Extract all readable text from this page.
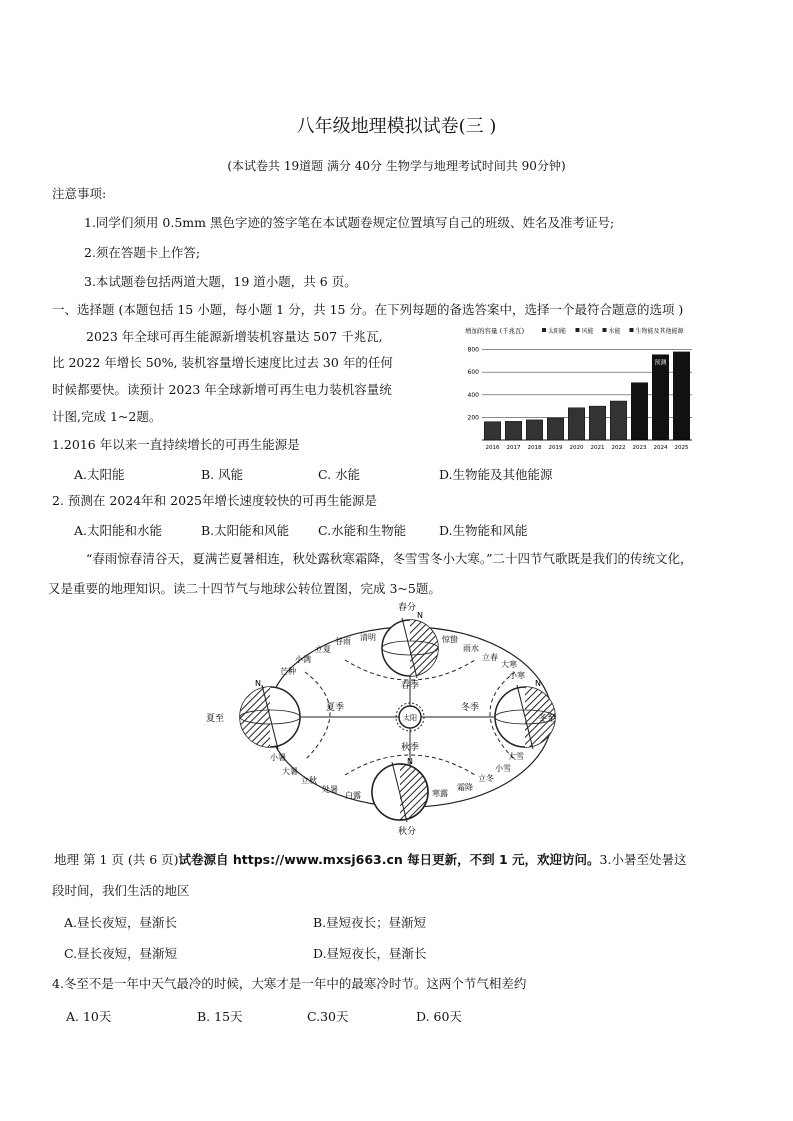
八年级地理模拟试卷(三 )
(本试卷共 19道题 满分 40分 生物学与地理考试时间共 90分钟)
注意事项:
1.同学们须用 0.5mm 黑色字迹的签字笔在本试题卷规定位置填写自己的班级、姓名及准考证号;
2.须在答题卡上作答;
3.本试题卷包括两道大题，19 道小题，共 6 页。
一、选择题 (本题包括 15 小题，每小题 1 分，共 15 分。在下列每题的备选答案中，选择一个最符合题意的选项 )
2023 年全球可再生能源新增装机容量达 507 千兆瓦,
比 2022 年增长 50%, 装机容量增长速度比过去 30 年的任何
时候都要快。读预计 2023 年全球新增可再生电力装机容量统
计图,完成 1~2题。
增加的容量 (千兆瓦)	太阳能	风能 水能 生物能及其他能源
200
400
600
800
预测
2016 2017 2018 2019 2020 2021 2022 2023 2024 2025
1.2016 年以来一直持续增长的可再生能源是
A.太阳能	B. 风能	C. 水能	D.生物能及其他能源
2. 预测在 2024年和 2025年增长速度较快的可再生能源是
A.太阳能和水能	B.太阳能和风能 C.水能和生物能	D.生物能和风能
“春雨惊春清谷天，夏满芒夏暑相连，秋处露秋寒霜降，冬雪雪冬小大寒。”二十四节气歌既是我们的传统文化，
又是重要的地理知识。读二十四节气与地球公转位置图，完成 3~5题。
太阳
春季
夏季
秋季
冬季
N
N	N
N
春分
夏至
秋分
冬至
立夏
谷雨 清明	惊蛰
雨水
立春
大寒
小寒
小满
芒种
小暑
大暑
立秋
处暑
白露	寒露
霜降
立冬
小雪
大雪
地理 第 1 页 (共 6 页)试卷源自 https://www.mxsj663.cn 每日更新，不到 1 元，欢迎访问。3.小暑至处暑这
段时间，我们生活的地区
A.昼长夜短，昼渐长	B.昼短夜长；昼渐短
C.昼长夜短，昼渐短	D.昼短夜长，昼渐长
4.冬至不是一年中天气最冷的时候，大寒才是一年中的最寒冷时节。这两个节气相差约
A. 10天	B. 15天	C.30天	D. 60天
